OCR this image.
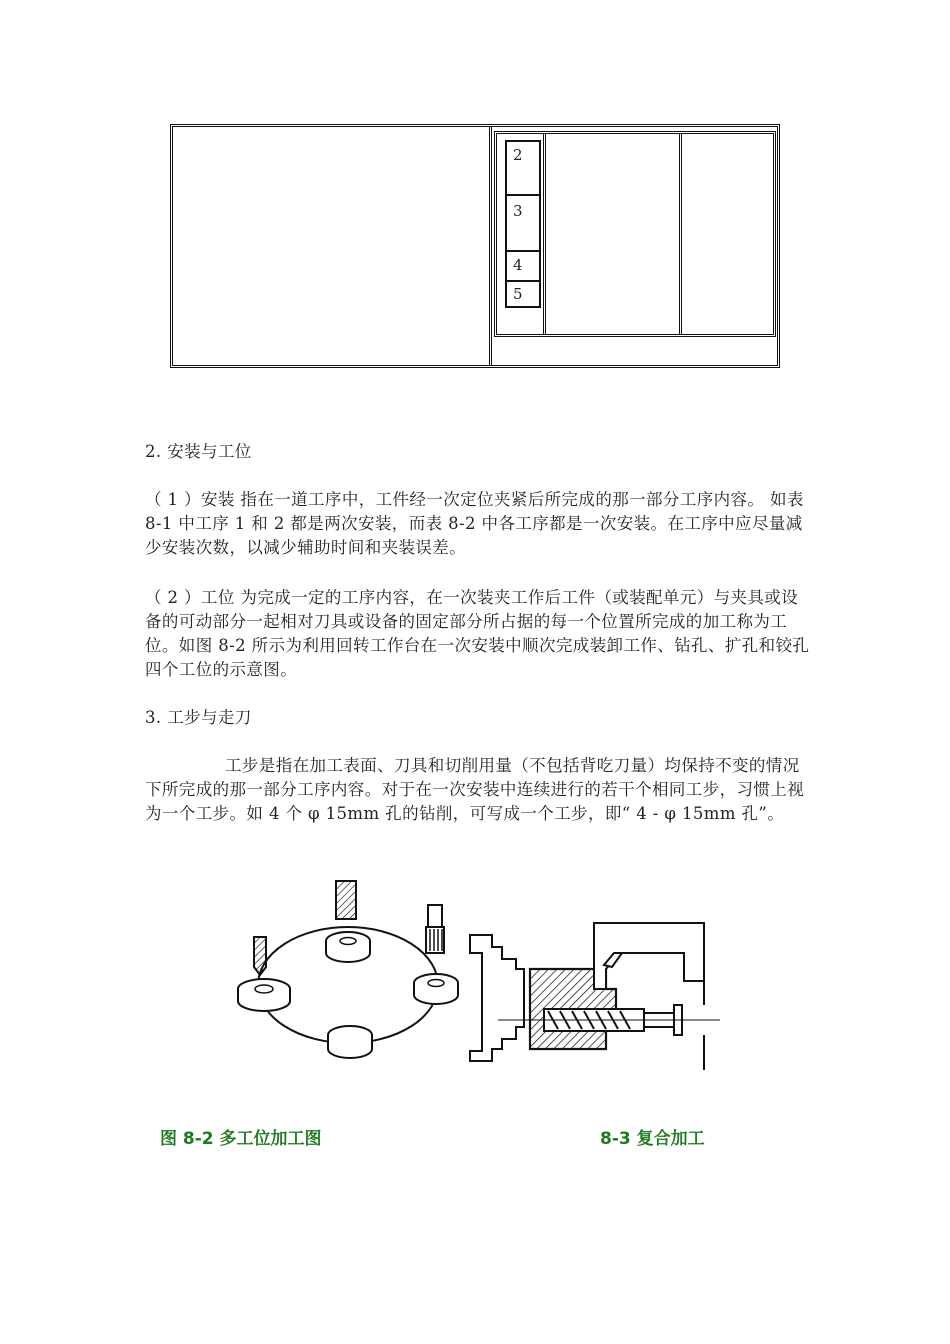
2
3
4
5

2. 安装与工位

（ 1 ）安装 指在一道工序中，工件经一次定位夹紧后所完成的那一部分工序内容。 如表 8-1 中工序 1 和 2 都是两次安装，而表 8-2 中各工序都是一次安装。在工序中应尽量减少安装次数，以减少辅助时间和夹装误差。

（ 2 ）工位 为完成一定的工序内容，在一次装夹工作后工件（或装配单元）与夹具或设备的可动部分一起相对刀具或设备的固定部分所占据的每一个位置所完成的加工称为工位。如图 8-2 所示为利用回转工作台在一次安装中顺次完成装卸工作、钻孔、扩孔和铰孔四个工位的示意图。

3. 工步与走刀

工步是指在加工表面、刀具和切削用量（不包括背吃刀量）均保持不变的情况下所完成的那一部分工序内容。对于在一次安装中连续进行的若干个相同工步，习惯上视为一个工步。如 4 个 φ 15mm 孔的钻削，可写成一个工步，即“ 4 - φ 15mm 孔”。

图 8-2 多工位加工图	8-3 复合加工
